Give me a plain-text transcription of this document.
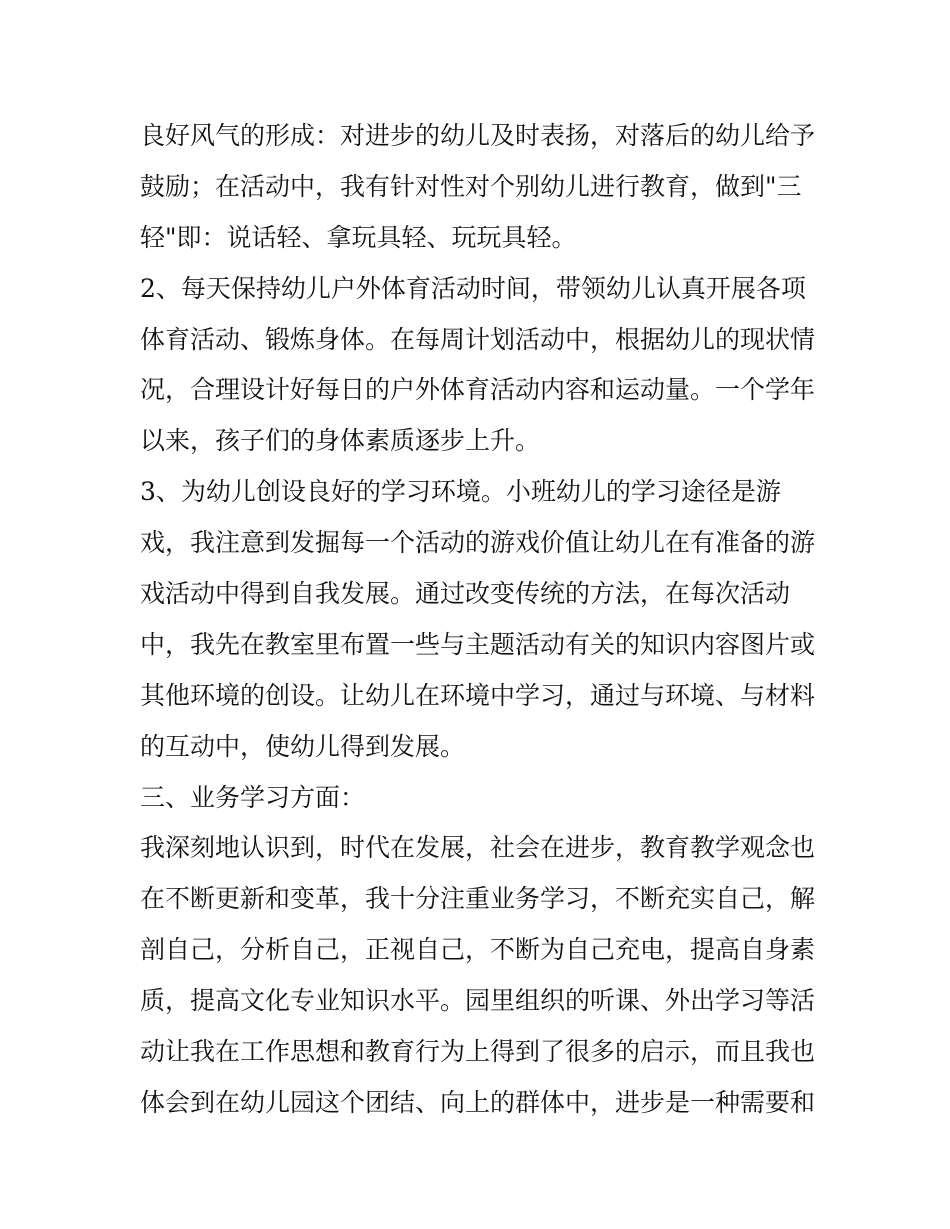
良好风气的形成：对进步的幼儿及时表扬，对落后的幼儿给予
鼓励；在活动中，我有针对性对个别幼儿进行教育，做到"三
轻"即：说话轻、拿玩具轻、玩玩具轻。
2、每天保持幼儿户外体育活动时间，带领幼儿认真开展各项
体育活动、锻炼身体。在每周计划活动中，根据幼儿的现状情
况，合理设计好每日的户外体育活动内容和运动量。一个学年
以来，孩子们的身体素质逐步上升。
3、为幼儿创设良好的学习环境。小班幼儿的学习途径是游
戏，我注意到发掘每一个活动的游戏价值让幼儿在有准备的游
戏活动中得到自我发展。通过改变传统的方法，在每次活动
中，我先在教室里布置一些与主题活动有关的知识内容图片或
其他环境的创设。让幼儿在环境中学习，通过与环境、与材料
的互动中，使幼儿得到发展。
三、业务学习方面：
我深刻地认识到，时代在发展，社会在进步，教育教学观念也
在不断更新和变革，我十分注重业务学习，不断充实自己，解
剖自己，分析自己，正视自己，不断为自己充电，提高自身素
质，提高文化专业知识水平。园里组织的听课、外出学习等活
动让我在工作思想和教育行为上得到了很多的启示，而且我也
体会到在幼儿园这个团结、向上的群体中，进步是一种需要和
